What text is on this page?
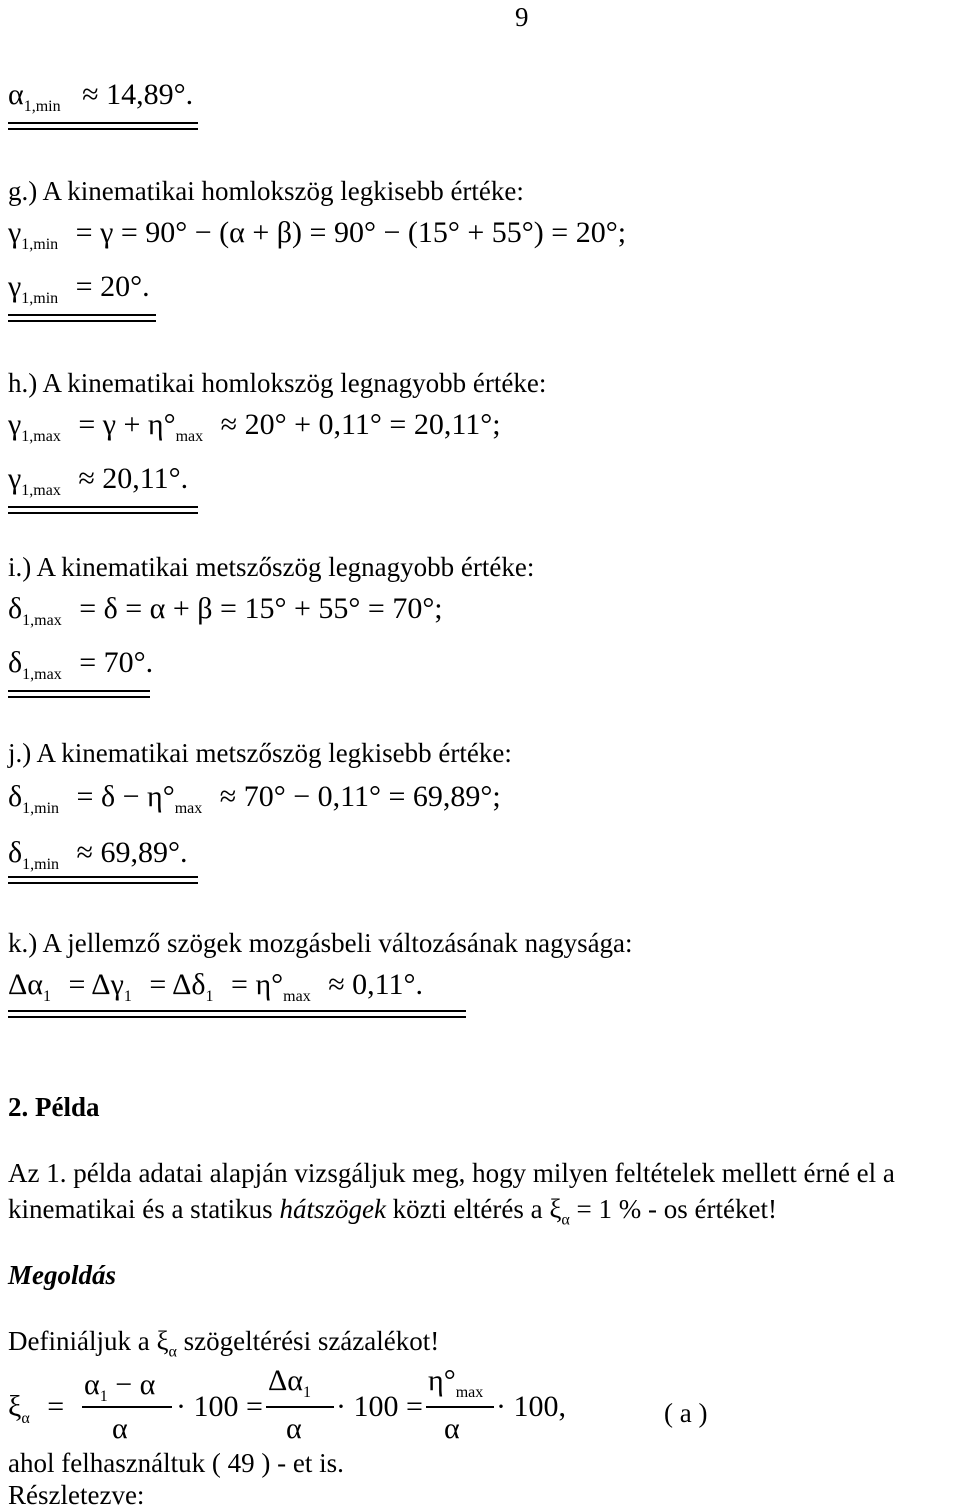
9
$\alpha_{1,min} \approx 14,89^\circ$.
g.) A kinematikai homlokszög legkisebb értéke:
$\gamma_{1,min} = \gamma = 90^\circ - (\alpha + \beta) = 90^\circ - (15^\circ + 55^\circ) = 20^\circ$;
$\gamma_{1,min} = 20^\circ$.
h.) A kinematikai homlokszög legnagyobb értéke:
$\gamma_{1,max} = \gamma + \eta^\circ_{max} \approx 20^\circ + 0,11^\circ = 20,11^\circ$;
$\gamma_{1,max} \approx 20,11^\circ$.
i.) A kinematikai metszőszög legnagyobb értéke:
$\delta_{1,max} = \delta = \alpha + \beta = 15^\circ + 55^\circ = 70^\circ$;
$\delta_{1,max} = 70^\circ$.
j.) A kinematikai metszőszög legkisebb értéke:
$\delta_{1,min} = \delta - \eta^\circ_{max} \approx 70^\circ - 0,11^\circ = 69,89^\circ$;
$\delta_{1,min} \approx 69,89^\circ$.
k.) A jellemző szögek mozgásbeli változásának nagysága:
$\Delta\alpha_1 = \Delta\gamma_1 = \Delta\delta_1 = \eta^\circ_{max} \approx 0,11^\circ$.
2. Példa
Az 1. példa adatai alapján vizsgáljuk meg, hogy milyen feltételek mellett érné el a
kinematikai és a statikus hátszögek közti eltérés a $\xi_\alpha = 1$ % - os értéket!
Megoldás
Definiáljuk a $\xi_\alpha$ szögeltérési százalékot!
$\xi_\alpha$ =
$\alpha_1 - \alpha$
α
· 100 =
$\Delta\alpha_1$
α
· 100 =
$\eta^\circ_{max}$
α
· 100,	( a )
ahol felhasználtuk ( 49 ) - et is.
Részletezve:
